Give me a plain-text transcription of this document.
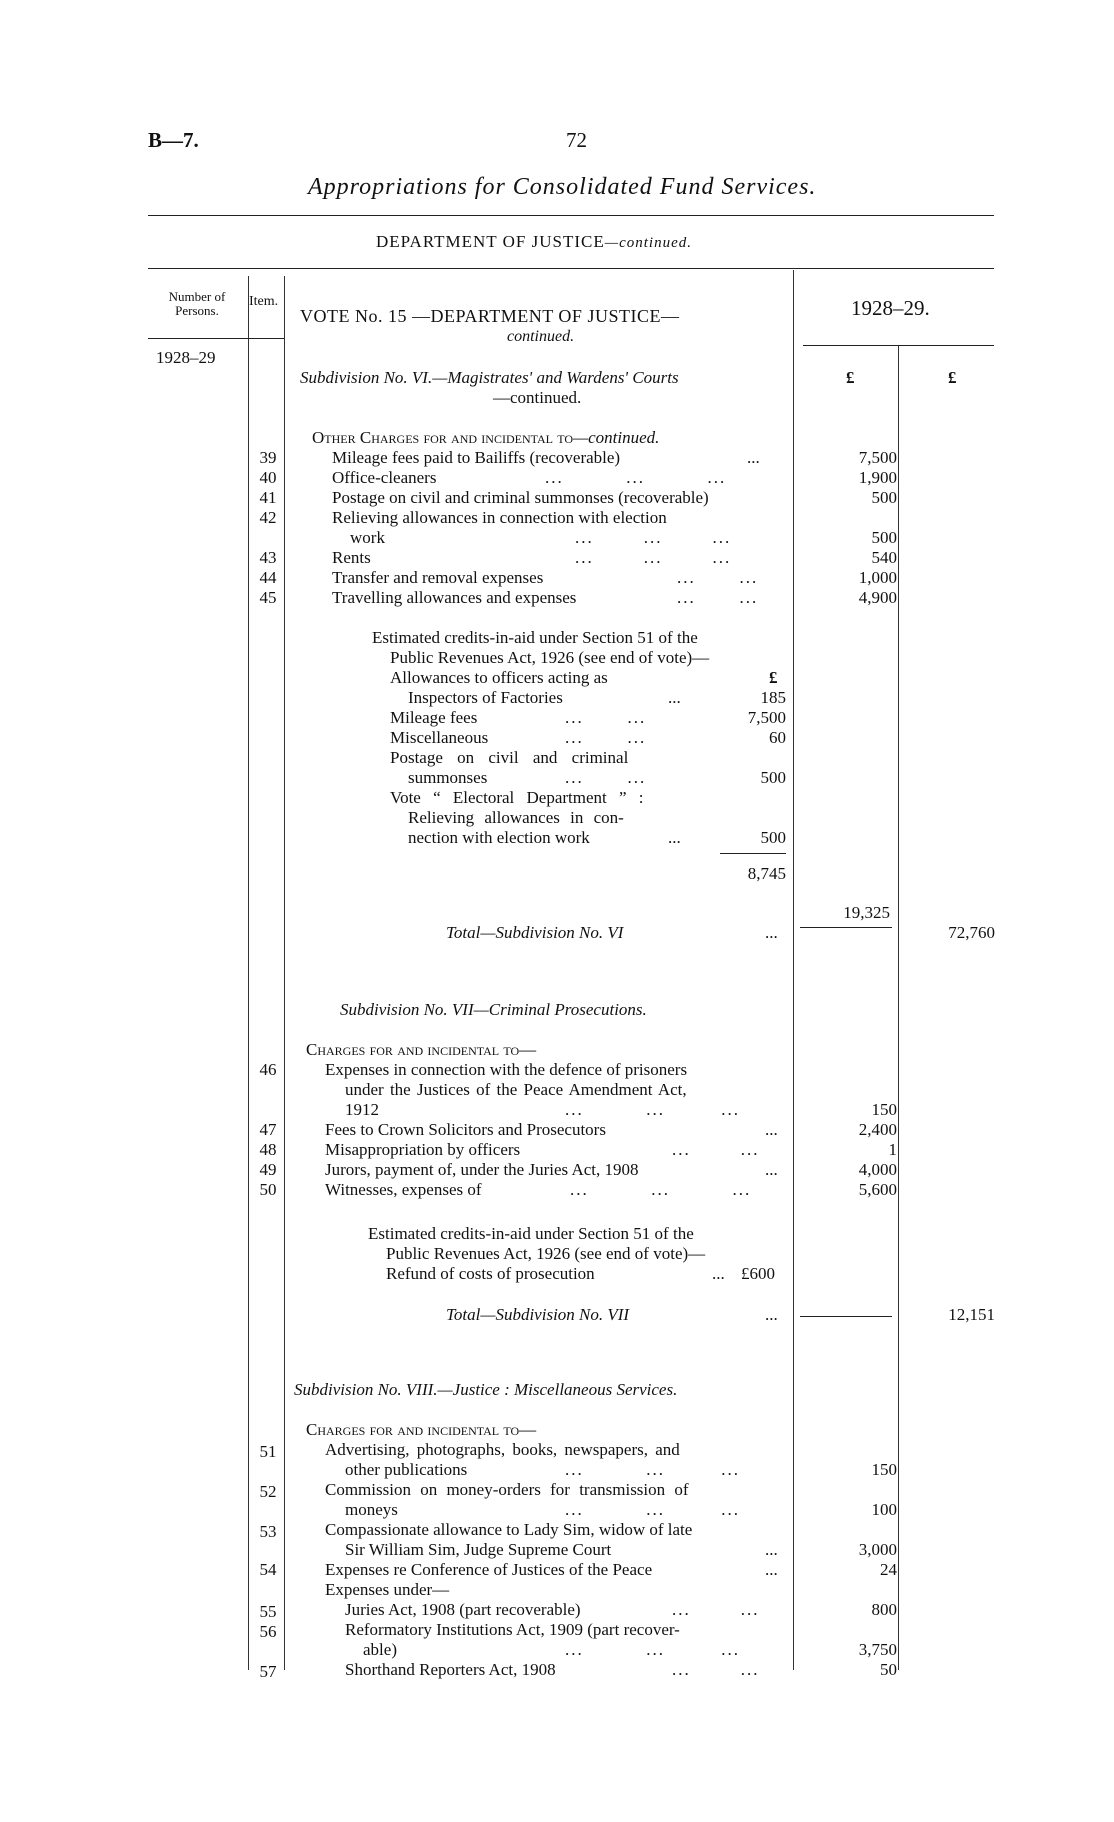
B—7.	72
Appropriations for Consolidated Fund Services.
DEPARTMENT OF JUSTICE—continued.
Number of Persons.
Item.
1928–29
VOTE No. 15 —DEPARTMENT OF JUSTICE—
continued.
1928–29.
£	£
Subdivision No. VI.—Magistrates' and Wardens' Courts
—continued.
Other Charges for and incidental to—continued.
39	Mileage fees paid to Bailiffs (recoverable)	...	7,500
40	Office-cleaners	...          ...          ...	1,900
41	Postage on civil and criminal summonses (recoverable)	500
42	Relieving allowances in connection with election
work	...        ...        ...	500
43	Rents	...        ...        ...	540
44	Transfer and removal expenses	...       ...	1,000
45	Travelling allowances and expenses	...       ...	4,900
Estimated credits-in-aid under Section 51 of the
Public Revenues Act, 1926 (see end of vote)—
£
Allowances to officers acting as
Inspectors of Factories	...	185
Mileage fees	...       ...	7,500
Miscellaneous	...       ...	60
Postage on civil and criminal
summonses	...       ...	500
Vote “ Electoral Department ” :
Relieving allowances in con-
nection with election work	...	500
8,745
19,325
Total—Subdivision No. VI	...	72,760
Subdivision No. VII—Criminal Prosecutions.
Charges for and incidental to—
46	Expenses in connection with the defence of prisoners
under the Justices of the Peace Amendment Act,
1912	...          ...         ...	150
47	Fees to Crown Solicitors and Prosecutors	...	2,400
48	Misappropriation by officers	...        ...	1
49	Jurors, payment of, under the Juries Act, 1908	...	4,000
50	Witnesses, expenses of	...          ...          ...	5,600
Estimated credits-in-aid under Section 51 of the
Public Revenues Act, 1926 (see end of vote)—
Refund of costs of prosecution	... £600
Total—Subdivision No. VII	...	12,151
Subdivision No. VIII.—Justice : Miscellaneous Services.
Charges for and incidental to—
51	Advertising, photographs, books, newspapers, and
other publications	...          ...         ...	150
52	Commission on money-orders for transmission of
moneys	...          ...         ...	100
53	Compassionate allowance to Lady Sim, widow of late
Sir William Sim, Judge Supreme Court	...	3,000
54	Expenses re Conference of Justices of the Peace	...	24
Expenses under—
55	Juries Act, 1908 (part recoverable)	...        ...	800
56	Reformatory Institutions Act, 1909 (part recover-
able)	...          ...         ...	3,750
57	Shorthand Reporters Act, 1908	...        ...	50
